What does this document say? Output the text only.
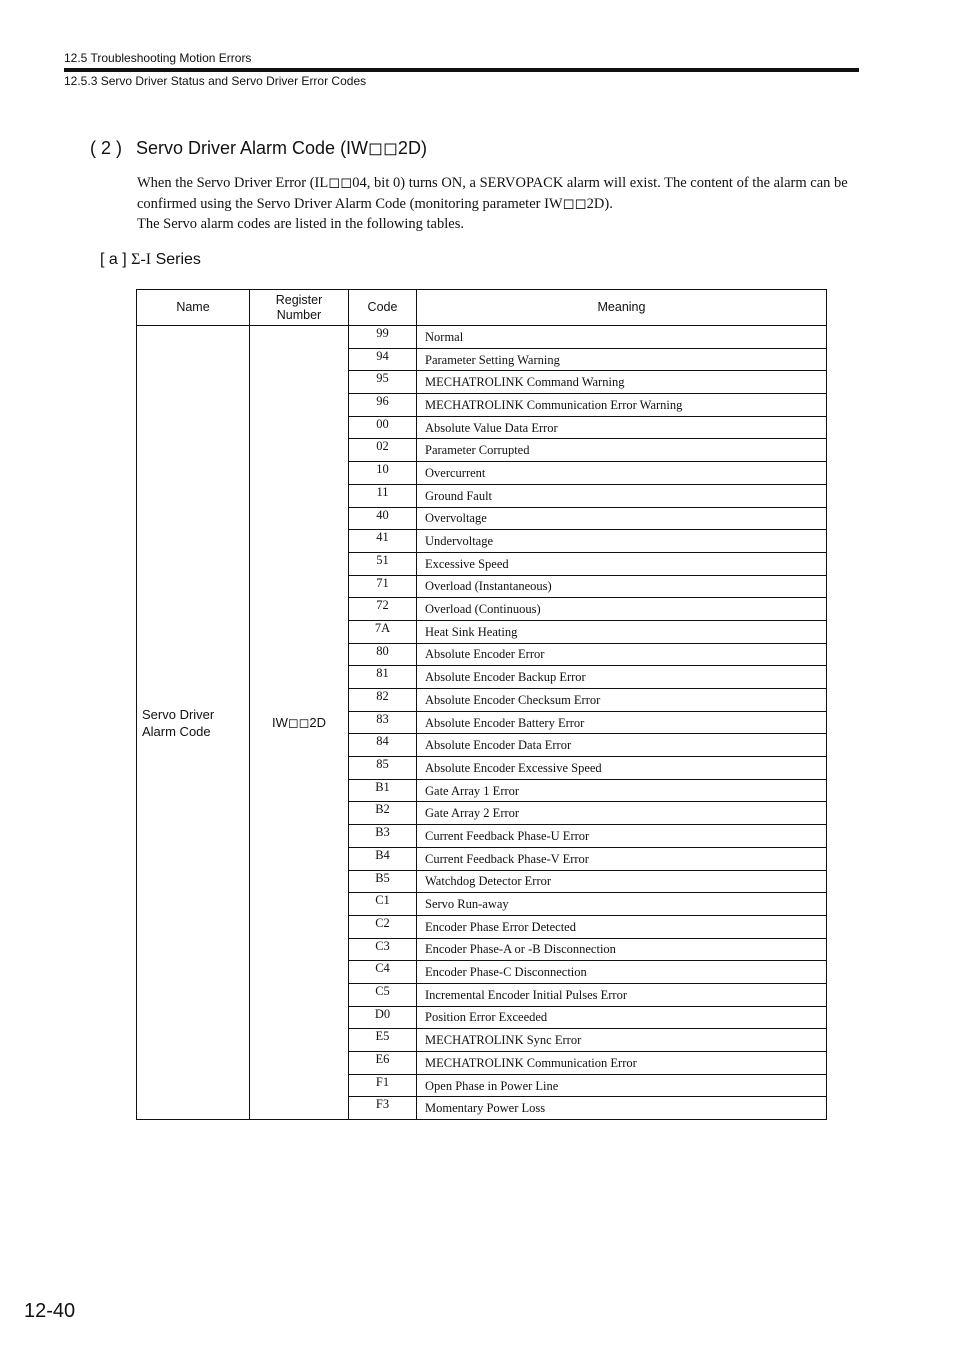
12.5 Troubleshooting Motion Errors
12.5.3 Servo Driver Status and Servo Driver Error Codes
( 2 ) Servo Driver Alarm Code (IW◻◻2D)

When the Servo Driver Error (IL◻◻04, bit 0) turns ON, a SERVOPACK alarm will exist. The content of the alarm can be confirmed using the Servo Driver Alarm Code (monitoring parameter IW◻◻2D).

The Servo alarm codes are listed in the following tables.

[ a ] Σ-I Series
Name	Register Number	Code	Meaning

Servo Driver Alarm Code	IW◻◻2D	99	Normal
		94	Parameter Setting Warning
		95	MECHATROLINK Command Warning
		96	MECHATROLINK Communication Error Warning
		00	Absolute Value Data Error
		02	Parameter Corrupted
		10	Overcurrent
		11	Ground Fault
		40	Overvoltage
		41	Undervoltage
		51	Excessive Speed
		71	Overload (Instantaneous)
		72	Overload (Continuous)
		7A	Heat Sink Heating
		80	Absolute Encoder Error
		81	Absolute Encoder Backup Error
		82	Absolute Encoder Checksum Error
		83	Absolute Encoder Battery Error
		84	Absolute Encoder Data Error
		85	Absolute Encoder Excessive Speed
		B1	Gate Array 1 Error
		B2	Gate Array 2 Error
		B3	Current Feedback Phase-U Error
		B4	Current Feedback Phase-V Error
		B5	Watchdog Detector Error
		C1	Servo Run-away
		C2	Encoder Phase Error Detected
		C3	Encoder Phase-A or -B Disconnection
		C4	Encoder Phase-C Disconnection
		C5	Incremental Encoder Initial Pulses Error
		D0	Position Error Exceeded
		E5	MECHATROLINK Sync Error
		E6	MECHATROLINK Communication Error
		F1	Open Phase in Power Line
		F3	Momentary Power Loss
12-40
